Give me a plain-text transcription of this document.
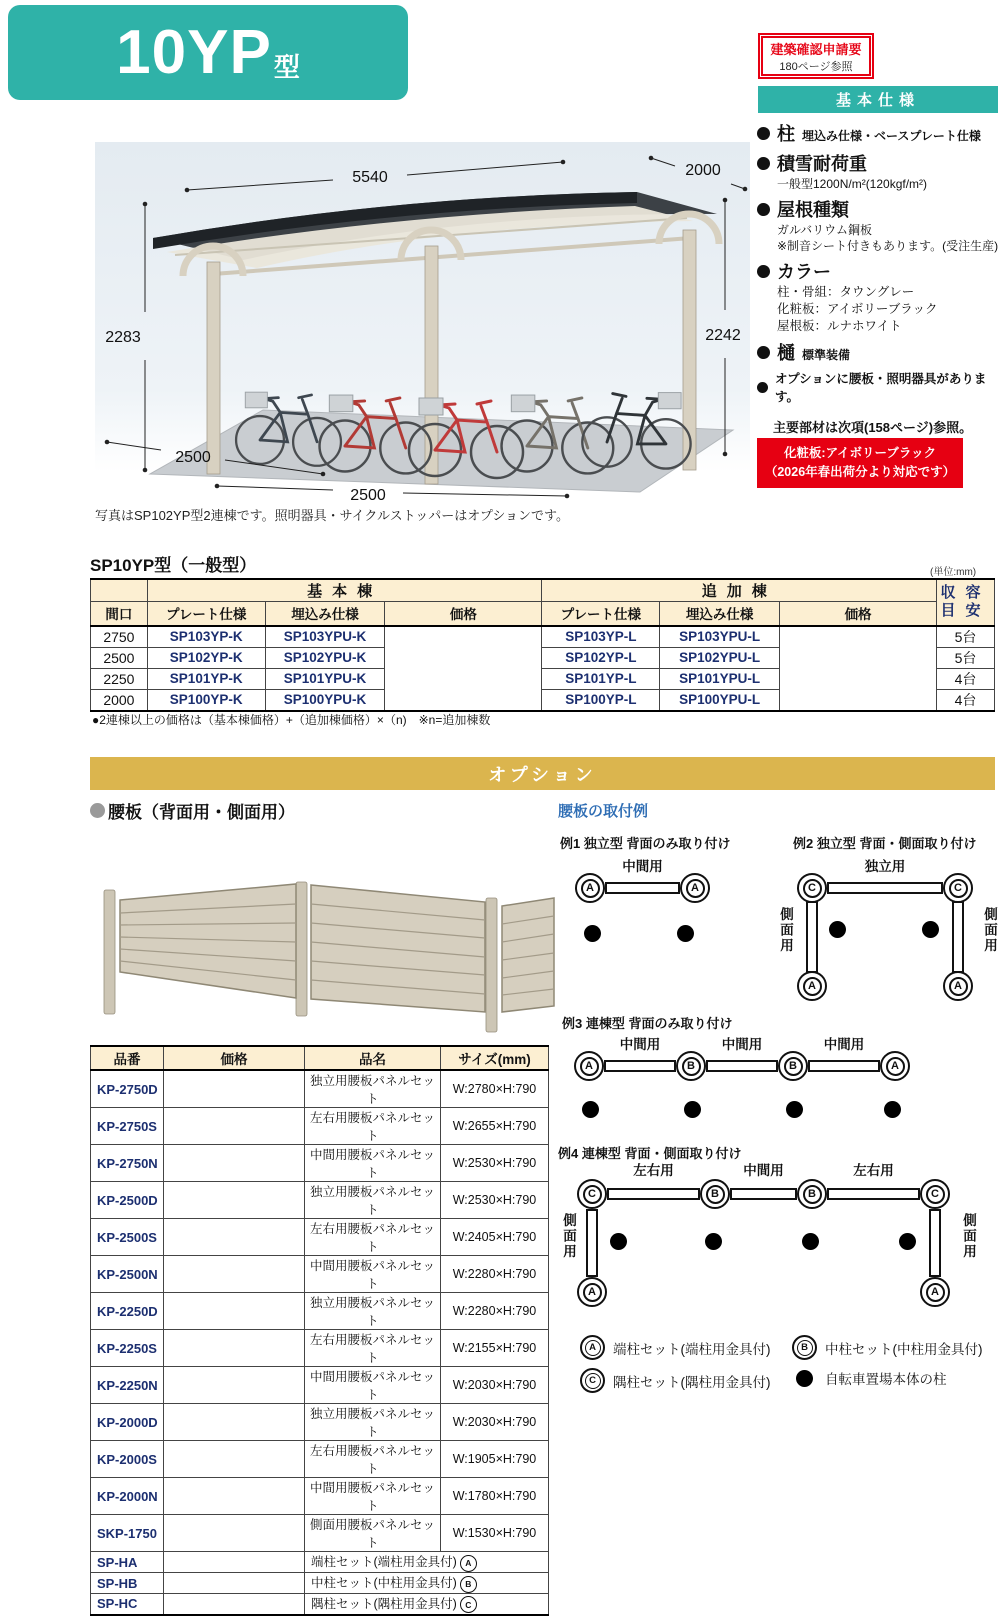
10YP 型
建築確認申請要
180ページ参照
基本仕様
柱 埋込み仕様・ベースプレート仕様
積雪耐荷重
一般型1200N/m²(120kgf/m²)
屋根種類
ガルバリウム鋼板
※制音シート付きもあります。(受注生産)
カラー
柱・骨組：タウングレー
化粧板：アイボリーブラック
屋根板：ルナホワイト
樋 標準装備
オプションに腰板・照明器具があります。
主要部材は次項(158ページ)参照。
5540	2000
2283	2242
2500
2500
化粧板:アイボリーブラック
（2026年春出荷分より対応です）
写真はSP102YP型2連棟です。照明器具・サイクルストッパーはオプションです。
SP10YP型（一般型）	(単位:mm)
	基本棟			追加棟			収容
目安

間口	プレート仕様	埋込み仕様	価格	プレート仕様	埋込み仕様	価格	
2750	SP103YP-K	SP103YPU-K		SP103YP-L	SP103YPU-L		5台
2500	SP102YP-K	SP102YPU-K		SP102YP-L	SP102YPU-L		5台
2250	SP101YP-K	SP101YPU-K		SP101YP-L	SP101YPU-L		4台
2000	SP100YP-K	SP100YPU-K		SP100YP-L	SP100YPU-L		4台
●2連棟以上の価格は（基本棟価格）+（追加棟価格）×（n)　※n=追加棟数
オプション
腰板（背面用・側面用）	腰板の取付例
例1 独立型 背面のみ取り付け
中間用
A	A
例2 独立型 背面・側面取り付け
独立用
C	C
A	A
側面用	側面用
例3 連棟型 背面のみ取り付け
中間用	中間用	中間用
A	B	B	A
例4 連棟型 背面・側面取り付け
左右用	中間用	左右用
C	B	B	C
A	A
側面用	側面用
A	端柱セット(端柱用金具付)	B	中柱セット(中柱用金具付)
C	隅柱セット(隅柱用金具付)	自転車置場本体の柱
品番	価格	品名	サイズ(mm)
KP-2750D		独立用腰板パネルセット	W:2780×H:790
KP-2750S		左右用腰板パネルセット	W:2655×H:790
KP-2750N		中間用腰板パネルセット	W:2530×H:790
KP-2500D		独立用腰板パネルセット	W:2530×H:790
KP-2500S		左右用腰板パネルセット	W:2405×H:790
KP-2500N		中間用腰板パネルセット	W:2280×H:790
KP-2250D		独立用腰板パネルセット	W:2280×H:790
KP-2250S		左右用腰板パネルセット	W:2155×H:790
KP-2250N		中間用腰板パネルセット	W:2030×H:790
KP-2000D		独立用腰板パネルセット	W:2030×H:790
KP-2000S		左右用腰板パネルセット	W:1905×H:790
KP-2000N		中間用腰板パネルセット	W:1780×H:790
SKP-1750		側面用腰板パネルセット	W:1530×H:790
SP-HA		端柱セット(端柱用金具付) A	
SP-HB		中柱セット(中柱用金具付) B	
SP-HC		隅柱セット(隅柱用金具付) C	
